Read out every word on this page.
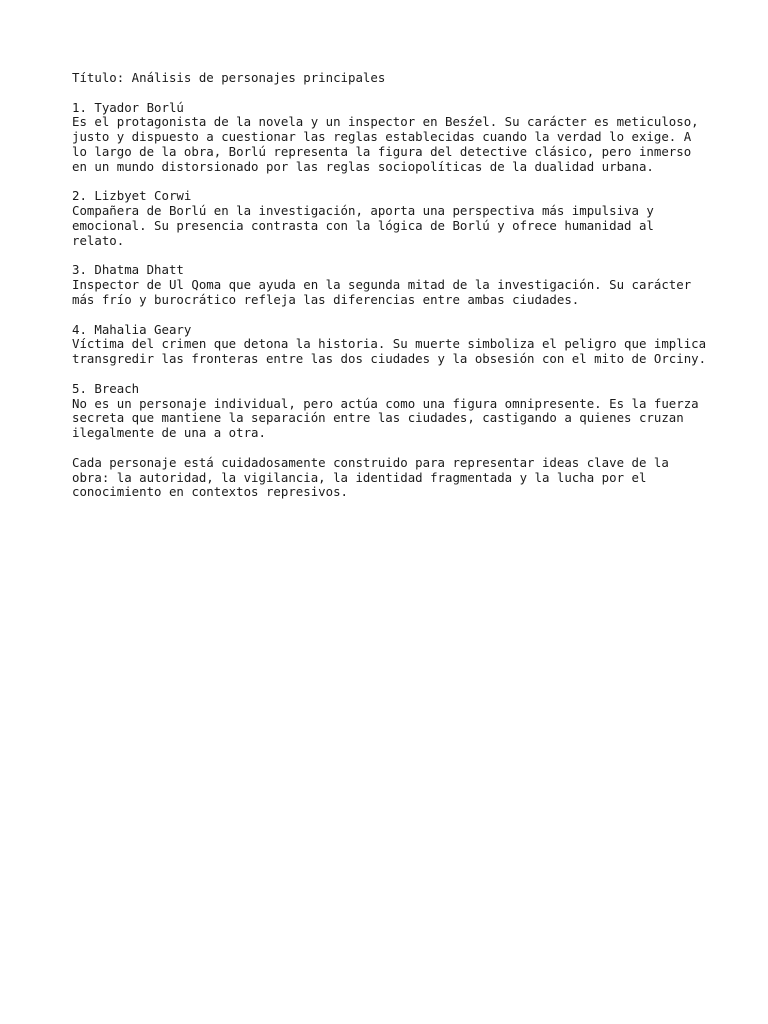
Título: Análisis de personajes principales
1. Tyador Borlú
Es el protagonista de la novela y un inspector en Besźel. Su carácter es meticuloso, justo y dispuesto a cuestionar las reglas establecidas cuando la verdad lo exige. A lo largo de la obra, Borlú representa la figura del detective clásico, pero inmerso en un mundo distorsionado por las reglas sociopolíticas de la dualidad urbana.
2. Lizbyet Corwi
Compañera de Borlú en la investigación, aporta una perspectiva más impulsiva y emocional. Su presencia contrasta con la lógica de Borlú y ofrece humanidad al relato.
3. Dhatma Dhatt
Inspector de Ul Qoma que ayuda en la segunda mitad de la investigación. Su carácter más frío y burocrático refleja las diferencias entre ambas ciudades.
4. Mahalia Geary
Víctima del crimen que detona la historia. Su muerte simboliza el peligro que implica transgredir las fronteras entre las dos ciudades y la obsesión con el mito de Orciny.
5. Breach
No es un personaje individual, pero actúa como una figura omnipresente. Es la fuerza secreta que mantiene la separación entre las ciudades, castigando a quienes cruzan ilegalmente de una a otra.
Cada personaje está cuidadosamente construido para representar ideas clave de la obra: la autoridad, la vigilancia, la identidad fragmentada y la lucha por el conocimiento en contextos represivos.
